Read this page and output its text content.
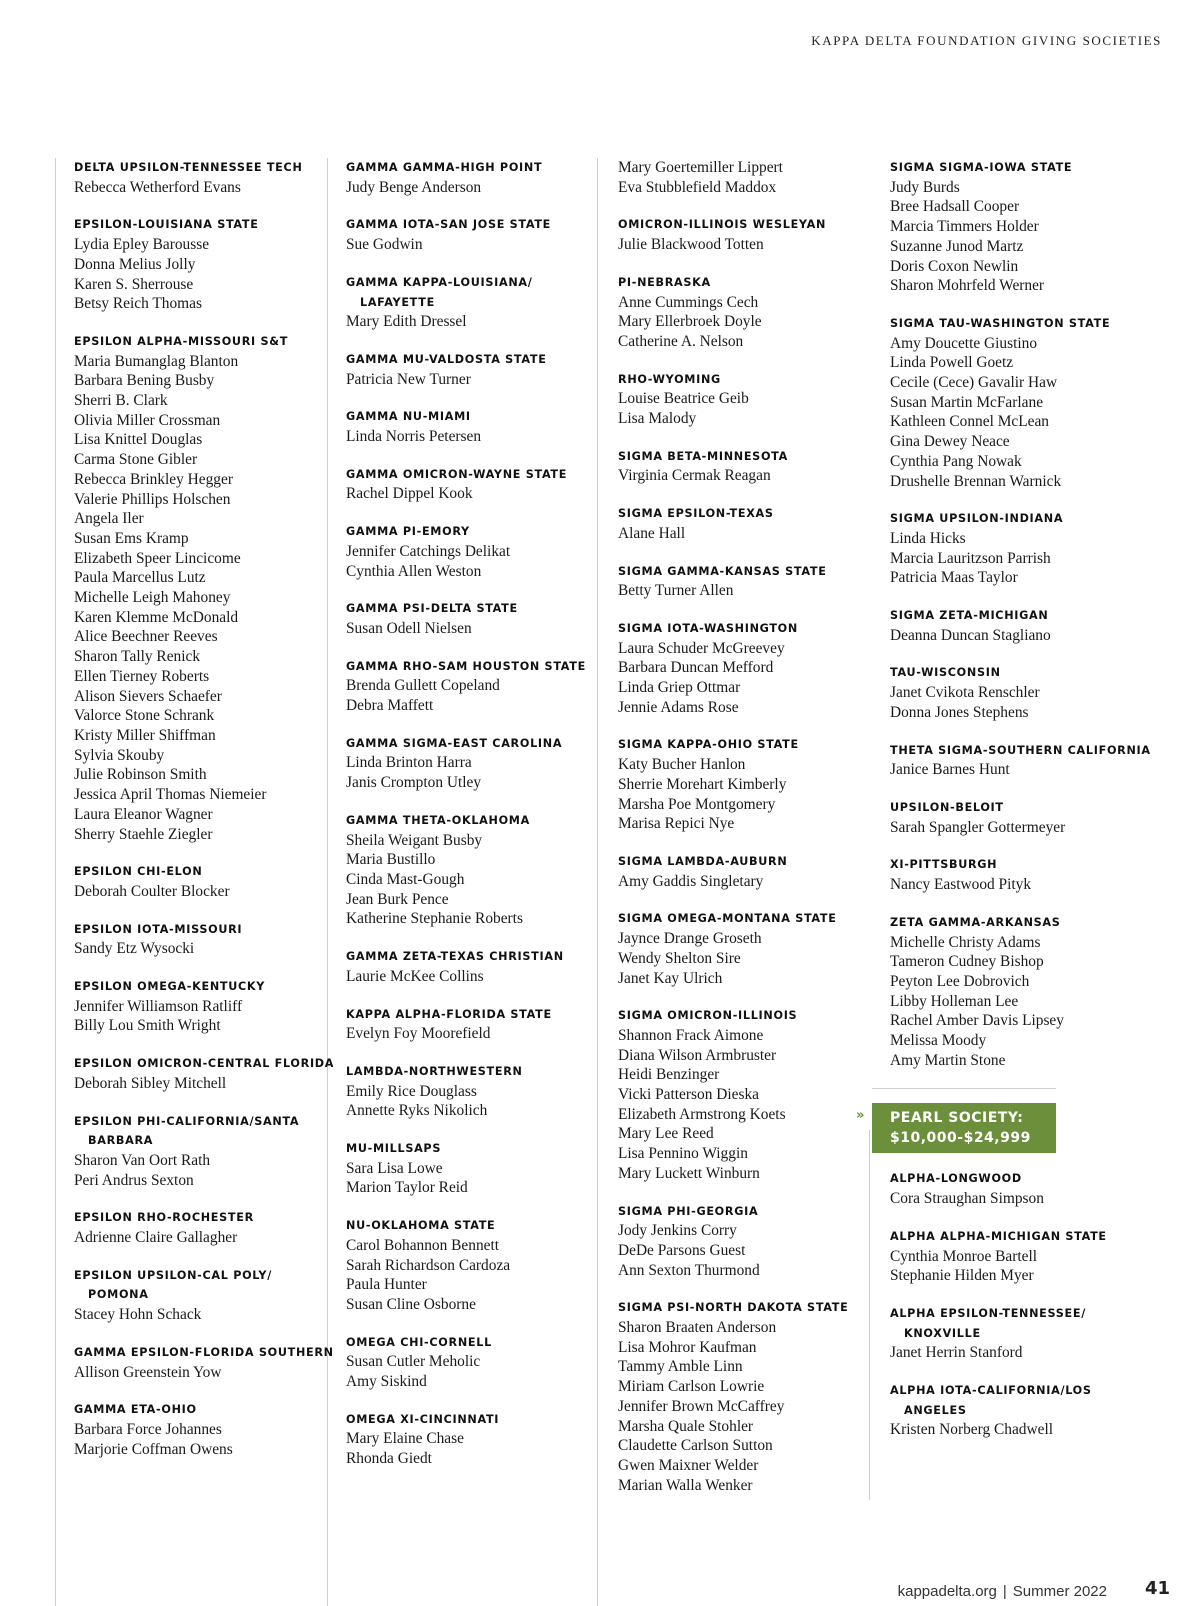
KAPPA DELTA FOUNDATION GIVING SOCIETIES
DELTA UPSILON-TENNESSEE TECH
Rebecca Wetherford Evans
EPSILON-LOUISIANA STATE
Lydia Epley Barousse
Donna Melius Jolly
Karen S. Sherrouse
Betsy Reich Thomas
EPSILON ALPHA-MISSOURI S&T
Maria Bumanglag Blanton
Barbara Bening Busby
Sherri B. Clark
Olivia Miller Crossman
Lisa Knittel Douglas
Carma Stone Gibler
Rebecca Brinkley Hegger
Valerie Phillips Holschen
Angela Iler
Susan Ems Kramp
Elizabeth Speer Lincicome
Paula Marcellus Lutz
Michelle Leigh Mahoney
Karen Klemme McDonald
Alice Beechner Reeves
Sharon Tally Renick
Ellen Tierney Roberts
Alison Sievers Schaefer
Valorce Stone Schrank
Kristy Miller Shiffman
Sylvia Skouby
Julie Robinson Smith
Jessica April Thomas Niemeier
Laura Eleanor Wagner
Sherry Staehle Ziegler
EPSILON CHI-ELON
Deborah Coulter Blocker
EPSILON IOTA-MISSOURI
Sandy Etz Wysocki
EPSILON OMEGA-KENTUCKY
Jennifer Williamson Ratliff
Billy Lou Smith Wright
EPSILON OMICRON-CENTRAL FLORIDA
Deborah Sibley Mitchell
EPSILON PHI-CALIFORNIA/SANTA BARBARA
Sharon Van Oort Rath
Peri Andrus Sexton
EPSILON RHO-ROCHESTER
Adrienne Claire Gallagher
EPSILON UPSILON-CAL POLY/ POMONA
Stacey Hohn Schack
GAMMA EPSILON-FLORIDA SOUTHERN
Allison Greenstein Yow
GAMMA ETA-OHIO
Barbara Force Johannes
Marjorie Coffman Owens
GAMMA GAMMA-HIGH POINT
Judy Benge Anderson
GAMMA IOTA-SAN JOSE STATE
Sue Godwin
GAMMA KAPPA-LOUISIANA/ LAFAYETTE
Mary Edith Dressel
GAMMA MU-VALDOSTA STATE
Patricia New Turner
GAMMA NU-MIAMI
Linda Norris Petersen
GAMMA OMICRON-WAYNE STATE
Rachel Dippel Kook
GAMMA PI-EMORY
Jennifer Catchings Delikat
Cynthia Allen Weston
GAMMA PSI-DELTA STATE
Susan Odell Nielsen
GAMMA RHO-SAM HOUSTON STATE
Brenda Gullett Copeland
Debra Maffett
GAMMA SIGMA-EAST CAROLINA
Linda Brinton Harra
Janis Crompton Utley
GAMMA THETA-OKLAHOMA
Sheila Weigant Busby
Maria Bustillo
Cinda Mast-Gough
Jean Burk Pence
Katherine Stephanie Roberts
GAMMA ZETA-TEXAS CHRISTIAN
Laurie McKee Collins
KAPPA ALPHA-FLORIDA STATE
Evelyn Foy Moorefield
LAMBDA-NORTHWESTERN
Emily Rice Douglass
Annette Ryks Nikolich
MU-MILLSAPS
Sara Lisa Lowe
Marion Taylor Reid
NU-OKLAHOMA STATE
Carol Bohannon Bennett
Sarah Richardson Cardoza
Paula Hunter
Susan Cline Osborne
OMEGA CHI-CORNELL
Susan Cutler Meholic
Amy Siskind
OMEGA XI-CINCINNATI
Mary Elaine Chase
Rhonda Giedt
Mary Goertemiller Lippert
Eva Stubblefield Maddox
OMICRON-ILLINOIS WESLEYAN
Julie Blackwood Totten
PI-NEBRASKA
Anne Cummings Cech
Mary Ellerbroek Doyle
Catherine A. Nelson
RHO-WYOMING
Louise Beatrice Geib
Lisa Malody
SIGMA BETA-MINNESOTA
Virginia Cermak Reagan
SIGMA EPSILON-TEXAS
Alane Hall
SIGMA GAMMA-KANSAS STATE
Betty Turner Allen
SIGMA IOTA-WASHINGTON
Laura Schuder McGreevey
Barbara Duncan Mefford
Linda Griep Ottmar
Jennie Adams Rose
SIGMA KAPPA-OHIO STATE
Katy Bucher Hanlon
Sherrie Morehart Kimberly
Marsha Poe Montgomery
Marisa Repici Nye
SIGMA LAMBDA-AUBURN
Amy Gaddis Singletary
SIGMA OMEGA-MONTANA STATE
Jaynce Drange Groseth
Wendy Shelton Sire
Janet Kay Ulrich
SIGMA OMICRON-ILLINOIS
Shannon Frack Aimone
Diana Wilson Armbruster
Heidi Benzinger
Vicki Patterson Dieska
Elizabeth Armstrong Koets
Mary Lee Reed
Lisa Pennino Wiggin
Mary Luckett Winburn
SIGMA PHI-GEORGIA
Jody Jenkins Corry
DeDe Parsons Guest
Ann Sexton Thurmond
SIGMA PSI-NORTH DAKOTA STATE
Sharon Braaten Anderson
Lisa Mohror Kaufman
Tammy Amble Linn
Miriam Carlson Lowrie
Jennifer Brown McCaffrey
Marsha Quale Stohler
Claudette Carlson Sutton
Gwen Maixner Welder
Marian Walla Wenker
SIGMA SIGMA-IOWA STATE
Judy Burds
Bree Hadsall Cooper
Marcia Timmers Holder
Suzanne Junod Martz
Doris Coxon Newlin
Sharon Mohrfeld Werner
SIGMA TAU-WASHINGTON STATE
Amy Doucette Giustino
Linda Powell Goetz
Cecile (Cece) Gavalir Haw
Susan Martin McFarlane
Kathleen Connel McLean
Gina Dewey Neace
Cynthia Pang Nowak
Drushelle Brennan Warnick
SIGMA UPSILON-INDIANA
Linda Hicks
Marcia Lauritzson Parrish
Patricia Maas Taylor
SIGMA ZETA-MICHIGAN
Deanna Duncan Stagliano
TAU-WISCONSIN
Janet Cvikota Renschler
Donna Jones Stephens
THETA SIGMA-SOUTHERN CALIFORNIA
Janice Barnes Hunt
UPSILON-BELOIT
Sarah Spangler Gottermeyer
XI-PITTSBURGH
Nancy Eastwood Pityk
ZETA GAMMA-ARKANSAS
Michelle Christy Adams
Tameron Cudney Bishop
Peyton Lee Dobrovich
Libby Holleman Lee
Rachel Amber Davis Lipsey
Melissa Moody
Amy Martin Stone
» PEARL SOCIETY:
$10,000-$24,999
ALPHA-LONGWOOD
Cora Straughan Simpson
ALPHA ALPHA-MICHIGAN STATE
Cynthia Monroe Bartell
Stephanie Hilden Myer
ALPHA EPSILON-TENNESSEE/ KNOXVILLE
Janet Herrin Stanford
ALPHA IOTA-CALIFORNIA/LOS ANGELES
Kristen Norberg Chadwell
kappadelta.org | Summer 2022 41
